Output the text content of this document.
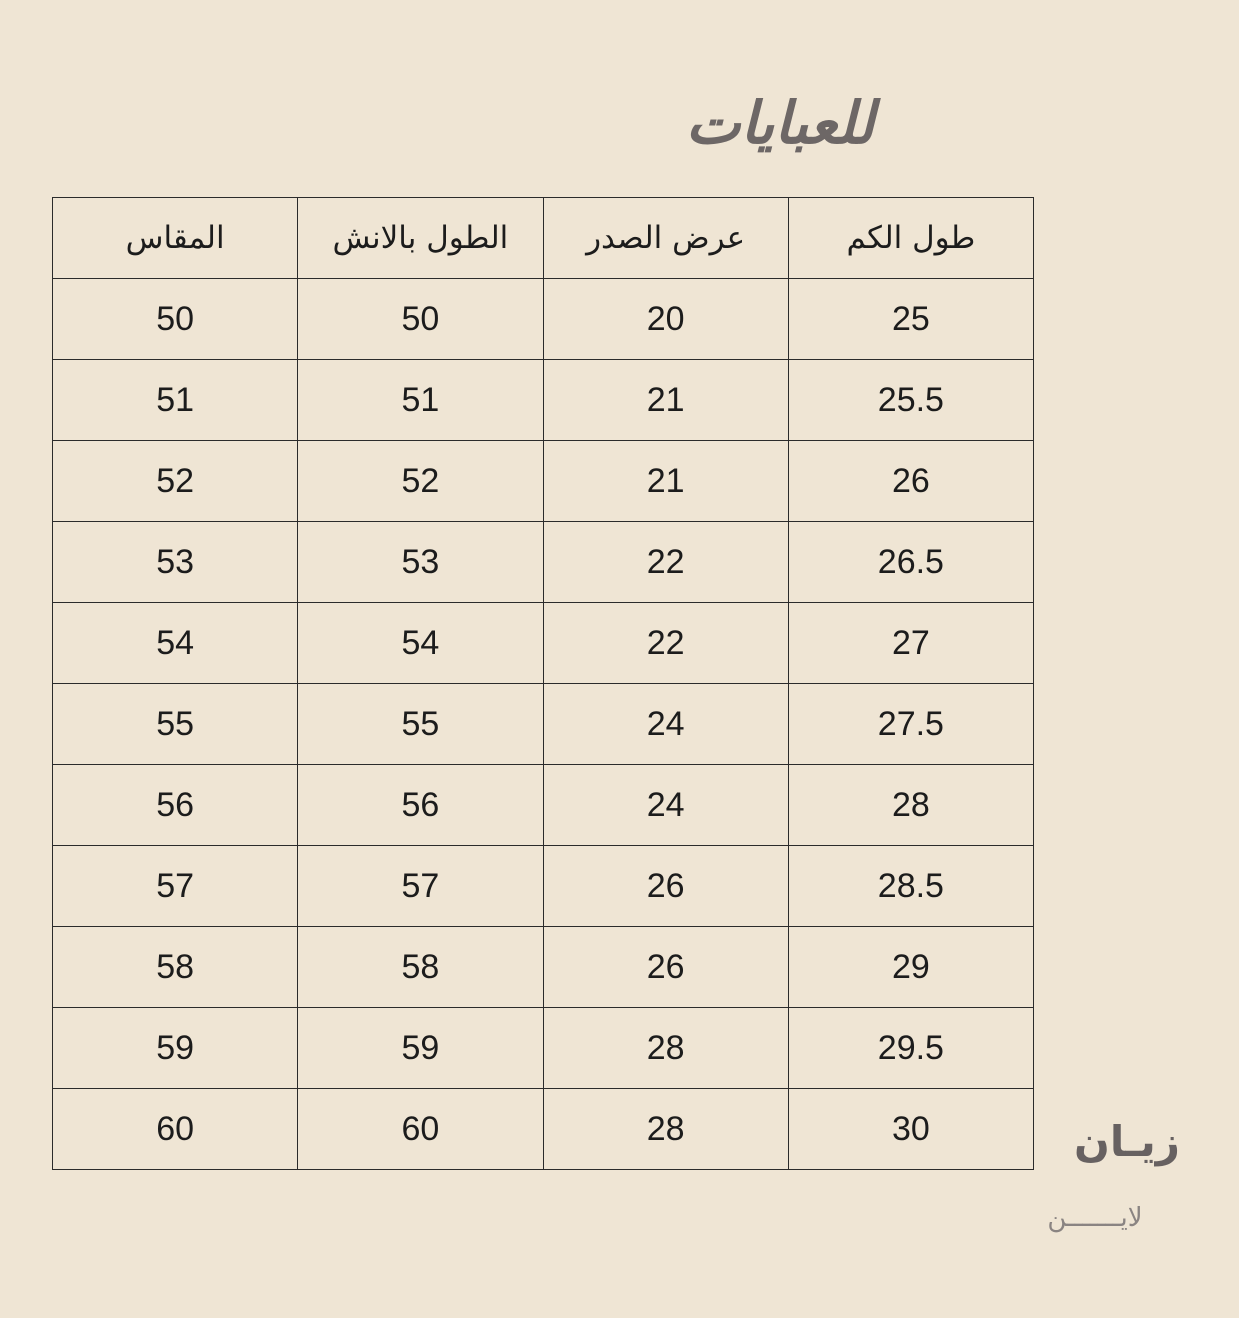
للعبايات
المقاس	الطول بالانش	عرض الصدر	طول الكم
50	50	20	25
51	51	21	25.5
52	52	21	26
53	53	22	26.5
54	54	22	27
55	55	24	27.5
56	56	24	28
57	57	26	28.5
58	58	26	29
59	59	28	29.5
60	60	28	30	زيـان
لايـــــــن
